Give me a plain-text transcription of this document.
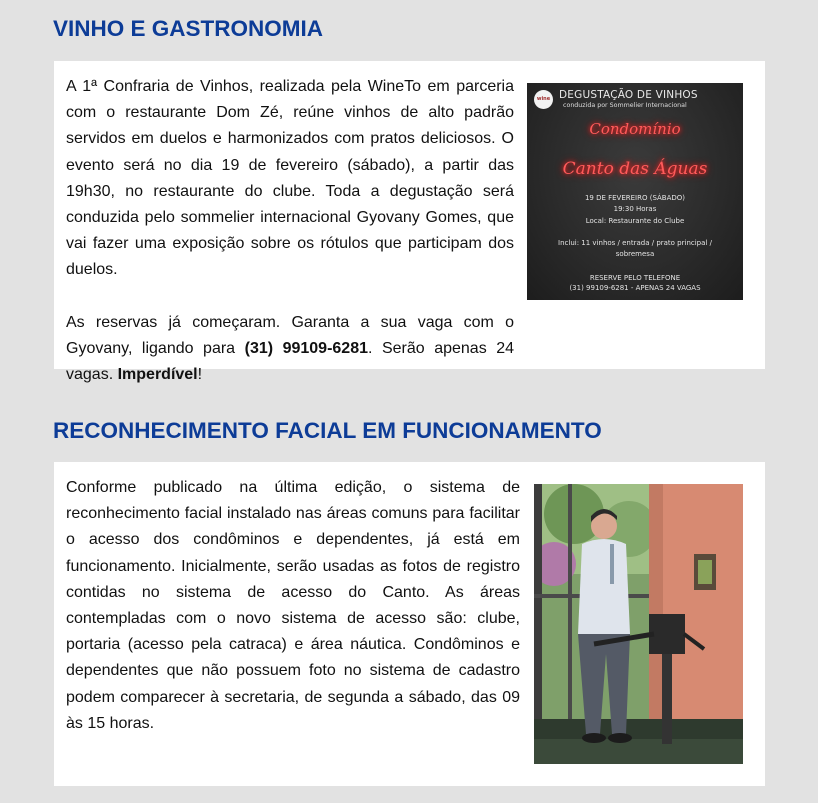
VINHO E GASTRONOMIA

A 1ª Confraria de Vinhos, realizada pela WineTo em parceria com o restaurante Dom Zé, reúne vinhos de alto padrão servidos em duelos e harmonizados com pratos deliciosos. O evento será no dia 19 de fevereiro (sábado), a partir das 19h30, no restaurante do clube. Toda a degustação será conduzida pelo sommelier internacional Gyovany Gomes, que vai fazer uma exposição sobre os rótulos que participam dos duelos.

As reservas já começaram. Garanta a sua vaga com o Gyovany, ligando para (31) 99109-6281. Serão apenas 24 vagas. Imperdível!

wine DEGUSTAÇÃO DE VINHOS
conduzida por Sommelier Internacional
Condomínio
Canto das Águas
19 DE FEVEREIRO (SÁBADO)
19:30 Horas
Local: Restaurante do Clube
Inclui: 11 vinhos / entrada / prato principal /
sobremesa
RESERVE PELO TELEFONE
(31) 99109-6281 - APENAS 24 VAGAS
RECONHECIMENTO FACIAL EM FUNCIONAMENTO

Conforme publicado na última edição, o sistema de reconhecimento facial instalado nas áreas comuns para facilitar o acesso dos condôminos e dependentes, já está em funcionamento. Inicialmente, serão usadas as fotos de registro contidas no sistema de acesso do Canto. As áreas contempladas com o novo sistema de acesso são: clube, portaria (acesso pela catraca) e área náutica. Condôminos e dependentes que não possuem foto no sistema de cadastro podem comparecer à secretaria, de segunda a sábado, das 09 às 15 horas.
